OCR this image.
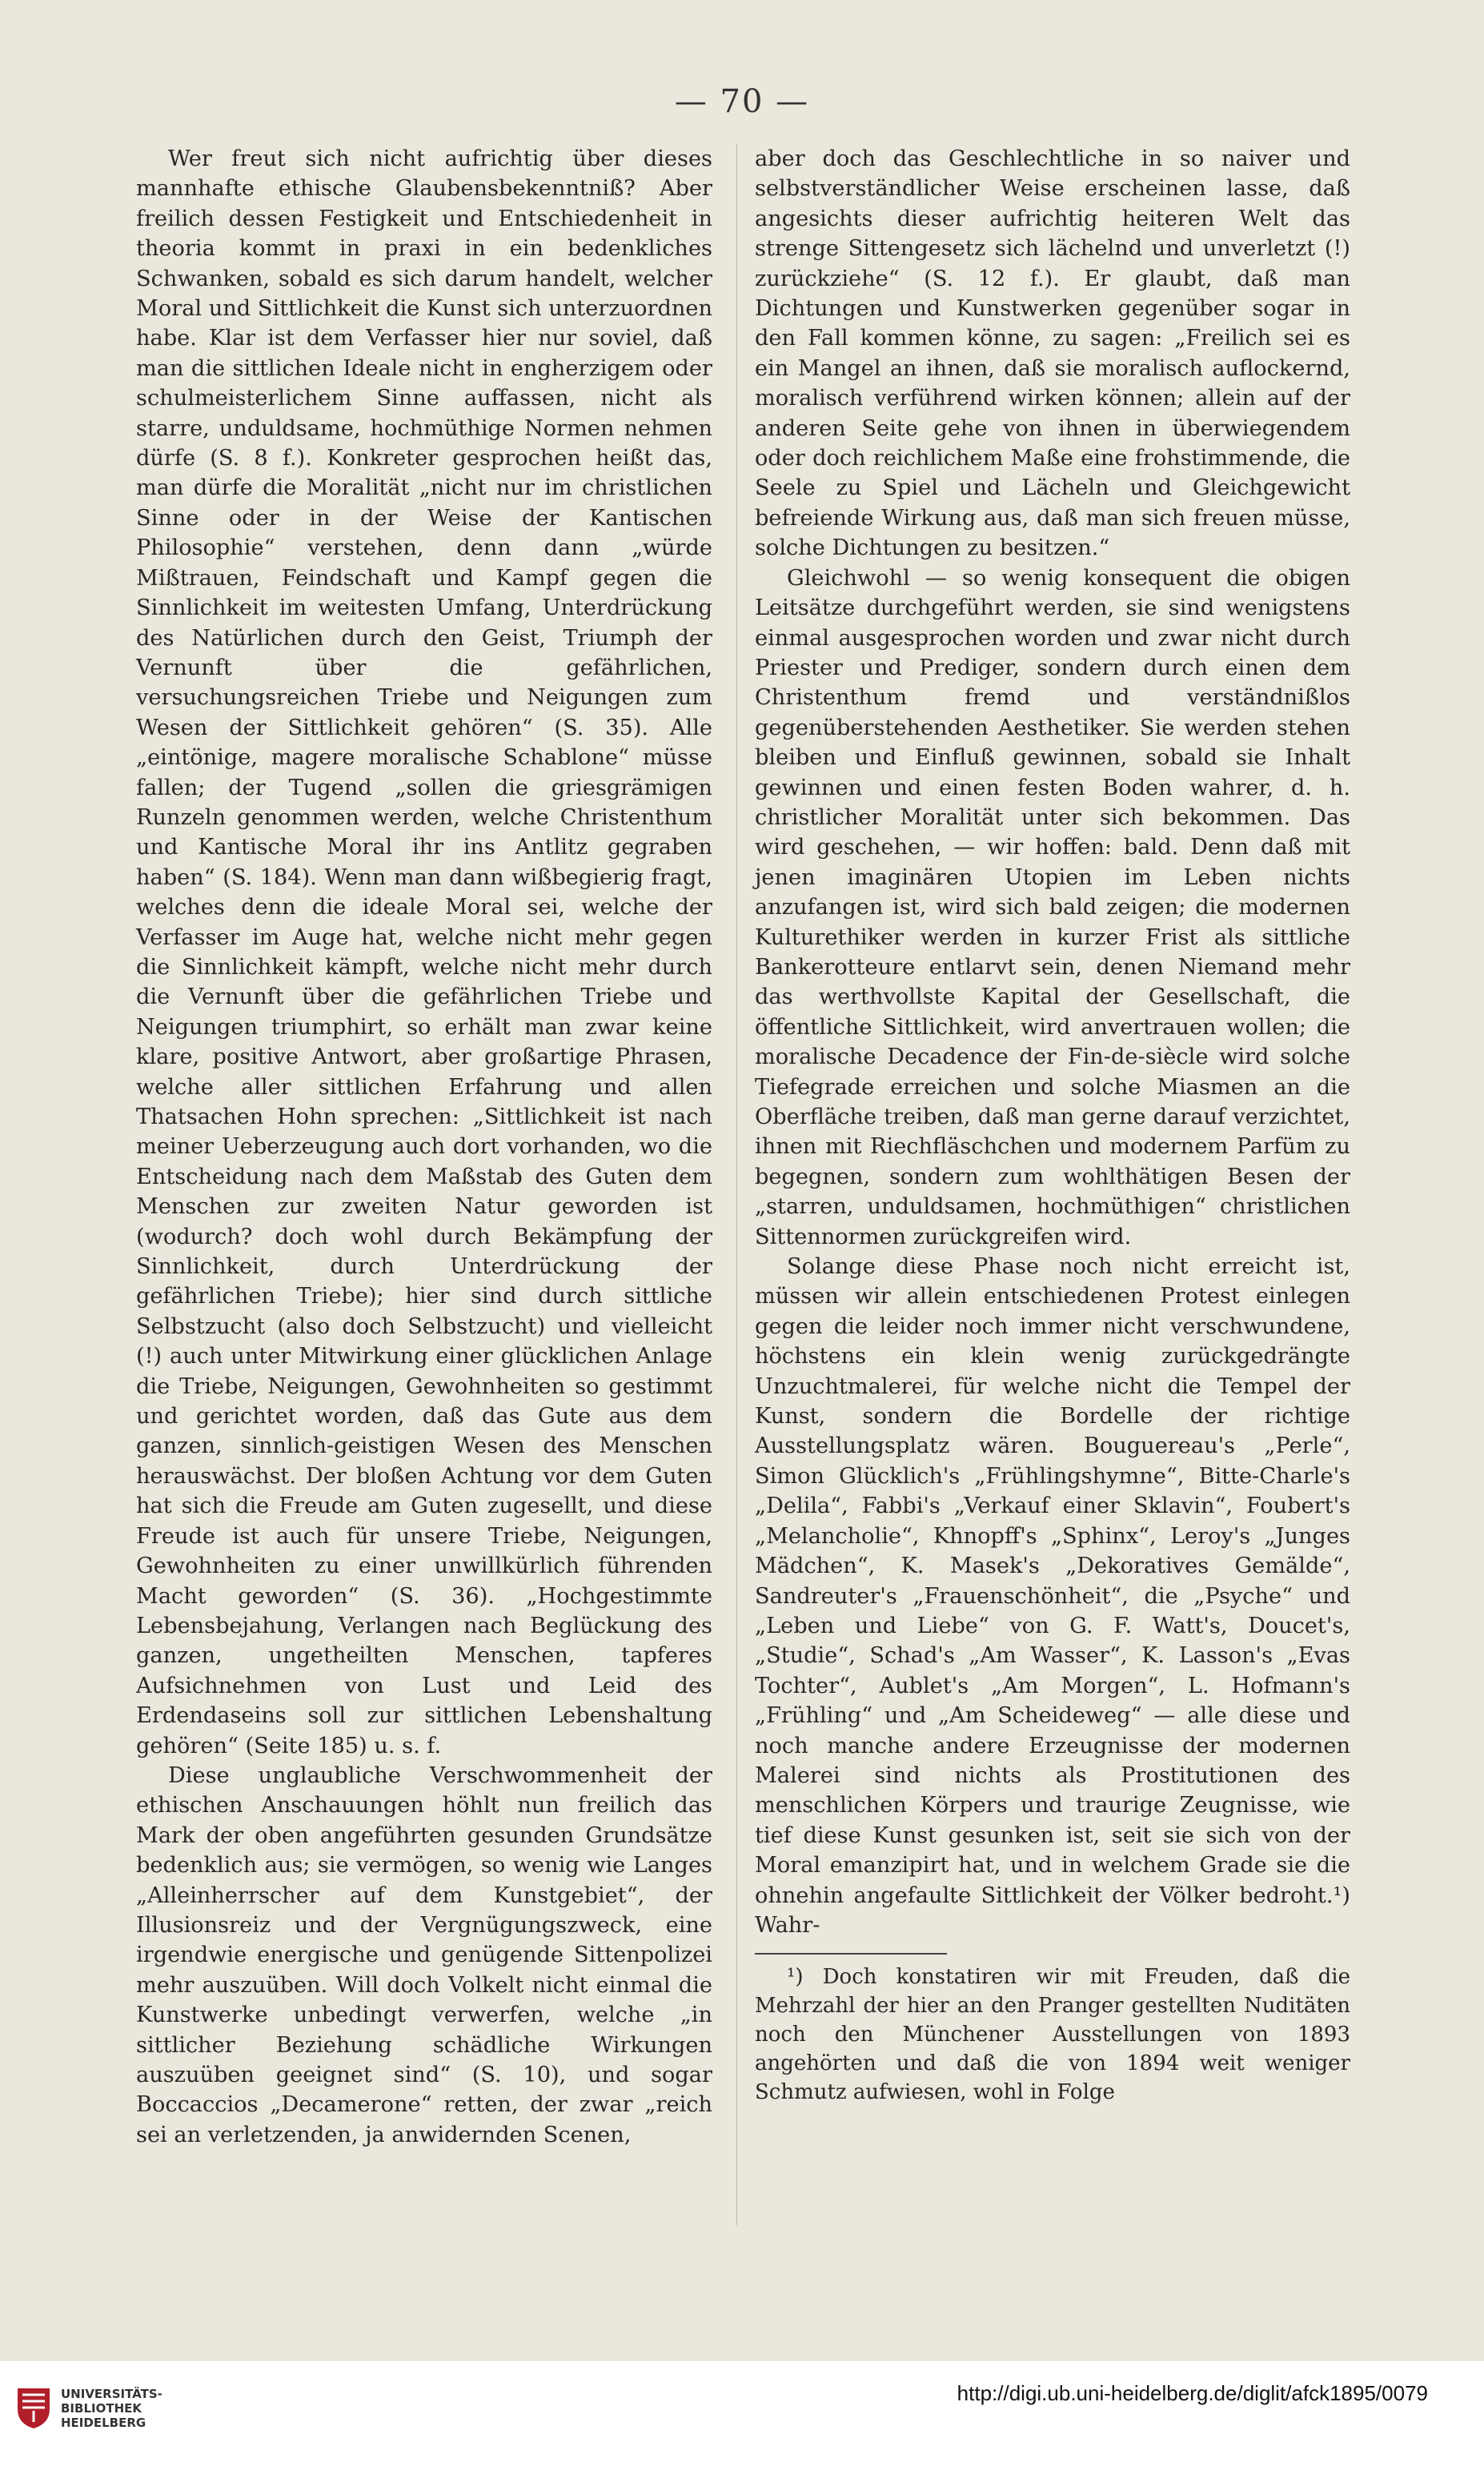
— 70 —

Wer freut sich nicht aufrichtig über dieses mannhafte ethische Glaubensbekenntniß? Aber freilich dessen Festigkeit und Entschiedenheit in theoria kommt in praxi in ein bedenkliches Schwanken, sobald es sich darum handelt, welcher Moral und Sittlichkeit die Kunst sich unterzuordnen habe. Klar ist dem Verfasser hier nur soviel, daß man die sittlichen Ideale nicht in engherzigem oder schulmeisterlichem Sinne auffassen, nicht als starre, unduldsame, hochmüthige Normen nehmen dürfe (S. 8 f.). Konkreter gesprochen heißt das, man dürfe die Moralität „nicht nur im christlichen Sinne oder in der Weise der Kantischen Philosophie“ verstehen, denn dann „würde Mißtrauen, Feindschaft und Kampf gegen die Sinnlichkeit im weitesten Umfang, Unterdrückung des Natürlichen durch den Geist, Triumph der Vernunft über die gefährlichen, versuchungsreichen Triebe und Neigungen zum Wesen der Sittlichkeit gehören“ (S. 35). Alle „eintönige, magere moralische Schablone“ müsse fallen; der Tugend „sollen die griesgrämigen Runzeln genommen werden, welche Christenthum und Kantische Moral ihr ins Antlitz gegraben haben“ (S. 184). Wenn man dann wißbegierig fragt, welches denn die ideale Moral sei, welche der Verfasser im Auge hat, welche nicht mehr gegen die Sinnlichkeit kämpft, welche nicht mehr durch die Vernunft über die gefährlichen Triebe und Neigungen triumphirt, so erhält man zwar keine klare, positive Antwort, aber großartige Phrasen, welche aller sittlichen Erfahrung und allen Thatsachen Hohn sprechen: „Sittlichkeit ist nach meiner Ueberzeugung auch dort vorhanden, wo die Entscheidung nach dem Maßstab des Guten dem Menschen zur zweiten Natur geworden ist (wodurch? doch wohl durch Bekämpfung der Sinnlichkeit, durch Unterdrückung der gefährlichen Triebe); hier sind durch sittliche Selbstzucht (also doch Selbstzucht) und vielleicht (!) auch unter Mitwirkung einer glücklichen Anlage die Triebe, Neigungen, Gewohnheiten so gestimmt und gerichtet worden, daß das Gute aus dem ganzen, sinnlich-geistigen Wesen des Menschen herauswächst. Der bloßen Achtung vor dem Guten hat sich die Freude am Guten zugesellt, und diese Freude ist auch für unsere Triebe, Neigungen, Gewohnheiten zu einer unwillkürlich führenden Macht geworden“ (S. 36). „Hochgestimmte Lebensbejahung, Verlangen nach Beglückung des ganzen, ungetheilten Menschen, tapferes Aufsichnehmen von Lust und Leid des Erdendaseins soll zur sittlichen Lebenshaltung gehören“ (Seite 185) u. s. f.

Diese unglaubliche Verschwommenheit der ethischen Anschauungen höhlt nun freilich das Mark der oben angeführten gesunden Grundsätze bedenklich aus; sie vermögen, so wenig wie Langes „Alleinherrscher auf dem Kunstgebiet“, der Illusionsreiz und der Vergnügungszweck, eine irgendwie energische und genügende Sittenpolizei mehr auszuüben. Will doch Volkelt nicht einmal die Kunstwerke unbedingt verwerfen, welche „in sittlicher Beziehung schädliche Wirkungen auszuüben geeignet sind“ (S. 10), und sogar Boccaccios „Decamerone“ retten, der zwar „reich sei an verletzenden, ja anwidernden Scenen,

aber doch das Geschlechtliche in so naiver und selbstverständlicher Weise erscheinen lasse, daß angesichts dieser aufrichtig heiteren Welt das strenge Sittengesetz sich lächelnd und unverletzt (!) zurückziehe“ (S. 12 f.). Er glaubt, daß man Dichtungen und Kunstwerken gegenüber sogar in den Fall kommen könne, zu sagen: „Freilich sei es ein Mangel an ihnen, daß sie moralisch auflockernd, moralisch verführend wirken können; allein auf der anderen Seite gehe von ihnen in überwiegendem oder doch reichlichem Maße eine frohstimmende, die Seele zu Spiel und Lächeln und Gleichgewicht befreiende Wirkung aus, daß man sich freuen müsse, solche Dichtungen zu besitzen.“

Gleichwohl — so wenig konsequent die obigen Leitsätze durchgeführt werden, sie sind wenigstens einmal ausgesprochen worden und zwar nicht durch Priester und Prediger, sondern durch einen dem Christenthum fremd und verständnißlos gegenüberstehenden Aesthetiker. Sie werden stehen bleiben und Einfluß gewinnen, sobald sie Inhalt gewinnen und einen festen Boden wahrer, d. h. christlicher Moralität unter sich bekommen. Das wird geschehen, — wir hoffen: bald. Denn daß mit jenen imaginären Utopien im Leben nichts anzufangen ist, wird sich bald zeigen; die modernen Kulturethiker werden in kurzer Frist als sittliche Bankerotteure entlarvt sein, denen Niemand mehr das werthvollste Kapital der Gesellschaft, die öffentliche Sittlichkeit, wird anvertrauen wollen; die moralische Decadence der Fin-de-siècle wird solche Tiefegrade erreichen und solche Miasmen an die Oberfläche treiben, daß man gerne darauf verzichtet, ihnen mit Riechfläschchen und modernem Parfüm zu begegnen, sondern zum wohlthätigen Besen der „starren, unduldsamen, hochmüthigen“ christlichen Sittennormen zurückgreifen wird.

Solange diese Phase noch nicht erreicht ist, müssen wir allein entschiedenen Protest einlegen gegen die leider noch immer nicht verschwundene, höchstens ein klein wenig zurückgedrängte Unzuchtmalerei, für welche nicht die Tempel der Kunst, sondern die Bordelle der richtige Ausstellungsplatz wären. Bouguereau's „Perle“, Simon Glücklich's „Frühlingshymne“, Bitte-Charle's „Delila“, Fabbi's „Verkauf einer Sklavin“, Foubert's „Melancholie“, Khnopff's „Sphinx“, Leroy's „Junges Mädchen“, K. Masek's „Dekoratives Gemälde“, Sandreuter's „Frauenschönheit“, die „Psyche“ und „Leben und Liebe“ von G. F. Watt's, Doucet's, „Studie“, Schad's „Am Wasser“, K. Lasson's „Evas Tochter“, Aublet's „Am Morgen“, L. Hofmann's „Frühling“ und „Am Scheideweg“ — alle diese und noch manche andere Erzeugnisse der modernen Malerei sind nichts als Prostitutionen des menschlichen Körpers und traurige Zeugnisse, wie tief diese Kunst gesunken ist, seit sie sich von der Moral emanzipirt hat, und in welchem Grade sie die ohnehin angefaulte Sittlichkeit der Völker bedroht.¹) Wahr-

¹) Doch konstatiren wir mit Freuden, daß die Mehrzahl der hier an den Pranger gestellten Nuditäten noch den Münchener Ausstellungen von 1893 angehörten und daß die von 1894 weit weniger Schmutz aufwiesen, wohl in Folge

UNIVERSITÄTS-
BIBLIOTHEK
HEIDELBERG
http://digi.ub.uni-heidelberg.de/diglit/afck1895/0079
